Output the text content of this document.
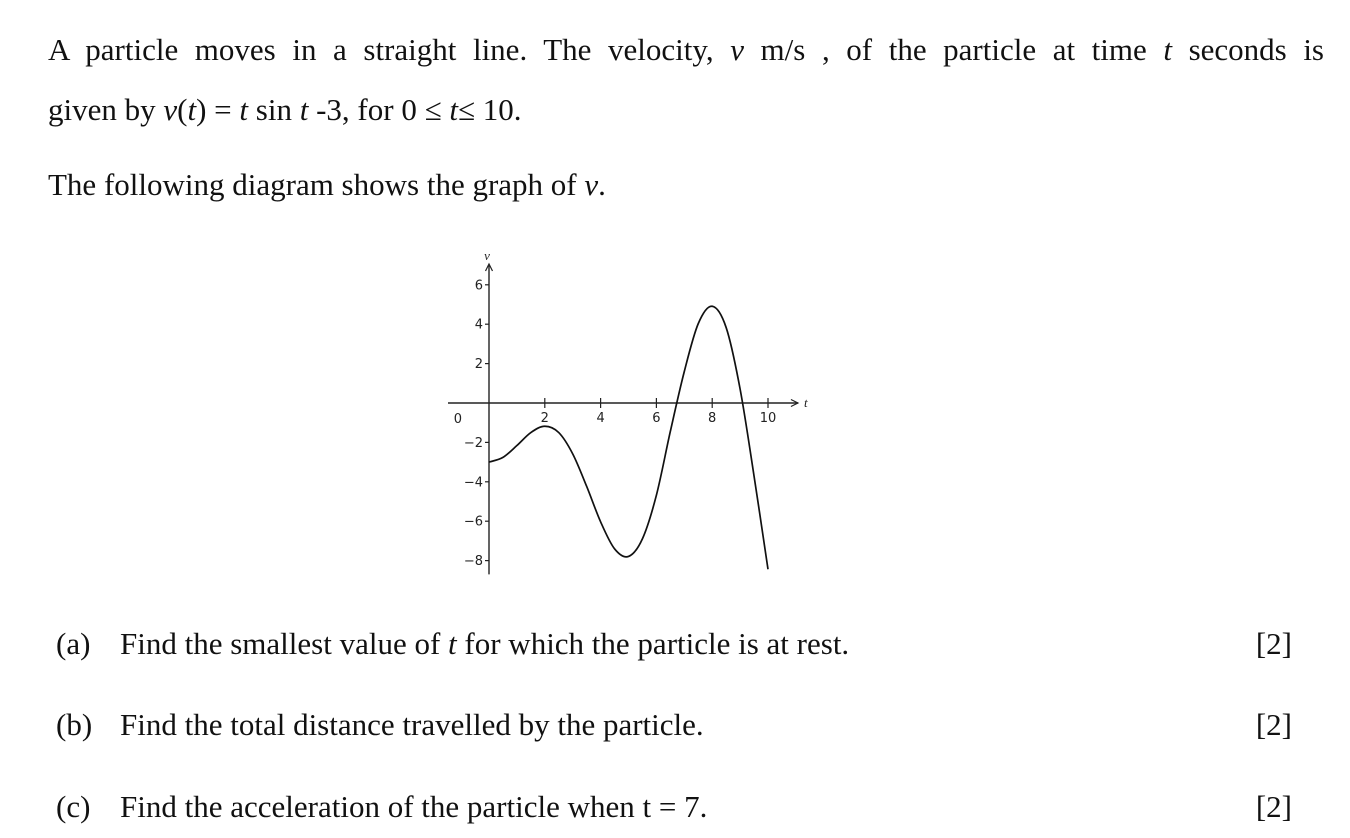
A particle moves in a straight line. The velocity, v m/s , of the particle at time t seconds is

given by v(t) = t sin t -3, for 0 ≤ t≤ 10.

The following diagram shows the graph of v.
v
t
6
4
2
0
−2
−4
−6
−8
2	4	6	8	10
(a) Find the smallest value of t for which the particle is at rest.	[2]
(b) Find the total distance travelled by the particle.	[2]
(c) Find the acceleration of the particle when t = 7.	[2]
